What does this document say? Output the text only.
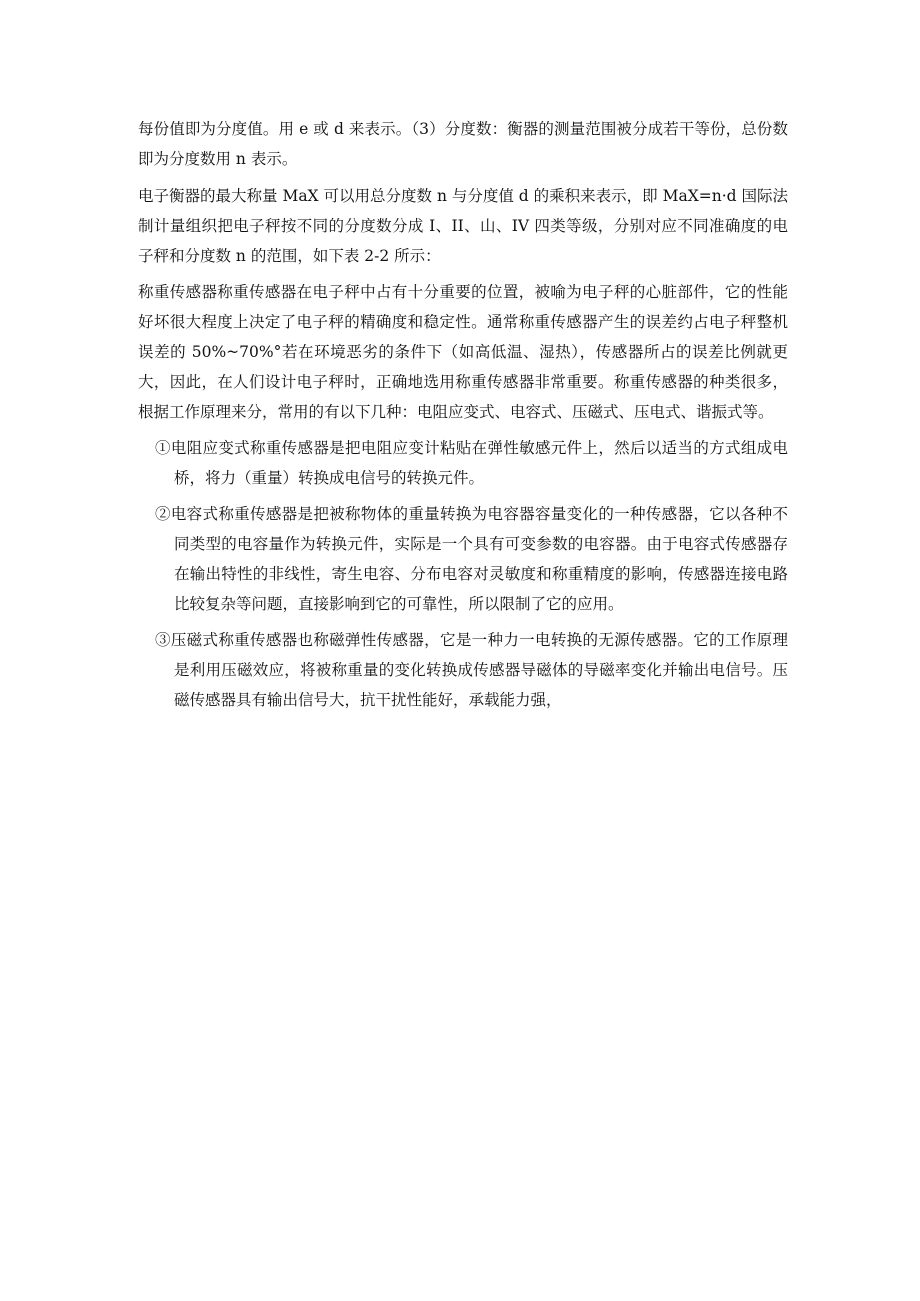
每份值即为分度值。用 e 或 d 来表示。（3）分度数：衡器的测量范围被分成若干等份，总份数即为分度数用 n 表示。

电子衡器的最大称量 MaX 可以用总分度数 n 与分度值 d 的乘积来表示，即 MaX=n·d 国际法制计量组织把电子秤按不同的分度数分成 I、II、山、IV 四类等级，分别对应不同准确度的电子秤和分度数 n 的范围，如下表 2-2 所示：

称重传感器称重传感器在电子秤中占有十分重要的位置，被喻为电子秤的心脏部件，它的性能好坏很大程度上决定了电子秤的精确度和稳定性。通常称重传感器产生的误差约占电子秤整机误差的 50%~70%°若在环境恶劣的条件下（如高低温、湿热），传感器所占的误差比例就更大，因此，在人们设计电子秤时，正确地选用称重传感器非常重要。称重传感器的种类很多，根据工作原理来分，常用的有以下几种：电阻应变式、电容式、压磁式、压电式、谐振式等。

①电阻应变式称重传感器是把电阻应变计粘贴在弹性敏感元件上，然后以适当的方式组成电桥，将力（重量）转换成电信号的转换元件。

②电容式称重传感器是把被称物体的重量转换为电容器容量变化的一种传感器，它以各种不同类型的电容量作为转换元件，实际是一个具有可变参数的电容器。由于电容式传感器存在输出特性的非线性，寄生电容、分布电容对灵敏度和称重精度的影响，传感器连接电路比较复杂等问题，直接影响到它的可靠性，所以限制了它的应用。

③压磁式称重传感器也称磁弹性传感器，它是一种力一电转换的无源传感器。它的工作原理是利用压磁效应，将被称重量的变化转换成传感器导磁体的导磁率变化并输出电信号。压磁传感器具有输出信号大，抗干扰性能好，承载能力强，
